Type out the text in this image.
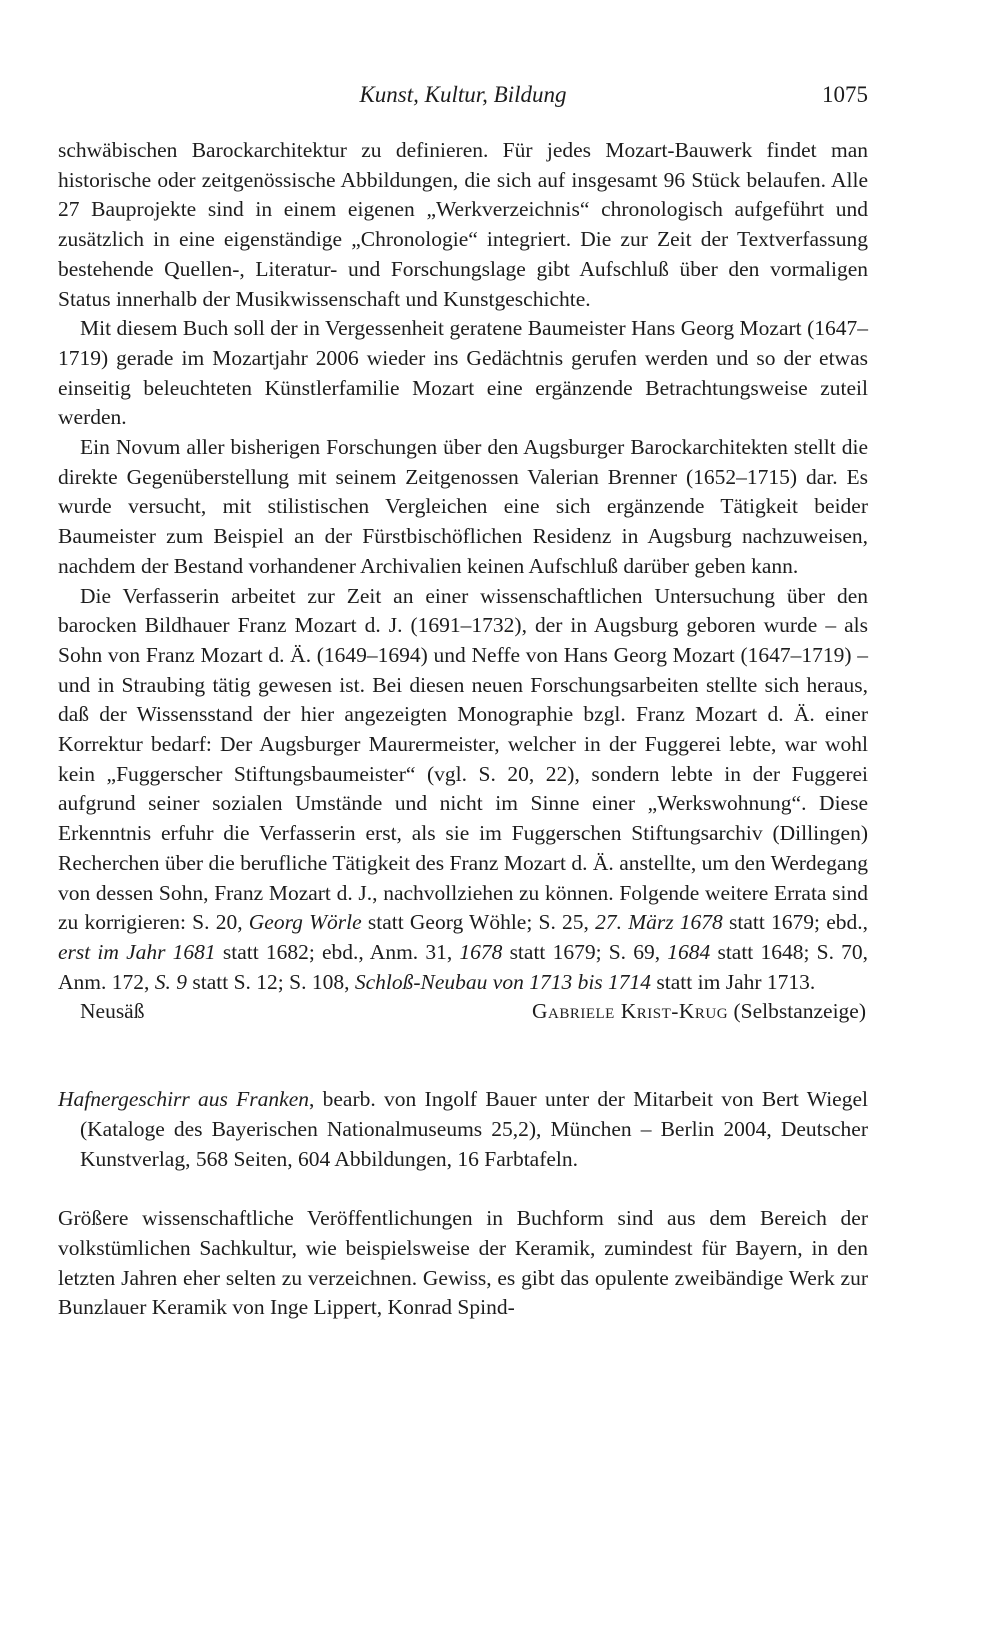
Kunst, Kultur, Bildung	1075

schwäbischen Barockarchitektur zu definieren. Für jedes Mozart-Bauwerk findet man historische oder zeitgenössische Abbildungen, die sich auf insgesamt 96 Stück belaufen. Alle 27 Bauprojekte sind in einem eigenen „Werkverzeichnis“ chronologisch aufgeführt und zusätzlich in eine eigenständige „Chronologie“ integriert. Die zur Zeit der Textverfassung bestehende Quellen-, Literatur- und Forschungslage gibt Aufschluß über den vormaligen Status innerhalb der Musikwissenschaft und Kunstgeschichte.

Mit diesem Buch soll der in Vergessenheit geratene Baumeister Hans Georg Mozart (1647–1719) gerade im Mozartjahr 2006 wieder ins Gedächtnis gerufen werden und so der etwas einseitig beleuchteten Künstlerfamilie Mozart eine ergänzende Betrachtungsweise zuteil werden.

Ein Novum aller bisherigen Forschungen über den Augsburger Barockarchitekten stellt die direkte Gegenüberstellung mit seinem Zeitgenossen Valerian Brenner (1652–1715) dar. Es wurde versucht, mit stilistischen Vergleichen eine sich ergänzende Tätigkeit beider Baumeister zum Beispiel an der Fürstbischöflichen Residenz in Augsburg nachzuweisen, nachdem der Bestand vorhandener Archivalien keinen Aufschluß darüber geben kann.

Die Verfasserin arbeitet zur Zeit an einer wissenschaftlichen Untersuchung über den barocken Bildhauer Franz Mozart d. J. (1691–1732), der in Augsburg geboren wurde – als Sohn von Franz Mozart d. Ä. (1649–1694) und Neffe von Hans Georg Mozart (1647–1719) – und in Straubing tätig gewesen ist. Bei diesen neuen Forschungsarbeiten stellte sich heraus, daß der Wissensstand der hier angezeigten Monographie bzgl. Franz Mozart d. Ä. einer Korrektur bedarf: Der Augsburger Maurermeister, welcher in der Fuggerei lebte, war wohl kein „Fuggerscher Stiftungsbaumeister“ (vgl. S. 20, 22), sondern lebte in der Fuggerei aufgrund seiner sozialen Umstände und nicht im Sinne einer „Werkswohnung“. Diese Erkenntnis erfuhr die Verfasserin erst, als sie im Fuggerschen Stiftungsarchiv (Dillingen) Recherchen über die berufliche Tätigkeit des Franz Mozart d. Ä. anstellte, um den Werdegang von dessen Sohn, Franz Mozart d. J., nachvollziehen zu können. Folgende weitere Errata sind zu korrigieren: S. 20, Georg Wörle statt Georg Wöhle; S. 25, 27. März 1678 statt 1679; ebd., erst im Jahr 1681 statt 1682; ebd., Anm. 31, 1678 statt 1679; S. 69, 1684 statt 1648; S. 70, Anm. 172, S. 9 statt S. 12; S. 108, Schloß-Neubau von 1713 bis 1714 statt im Jahr 1713.

Neusäß	Gabriele Krist-Krug (Selbstanzeige)
Hafnergeschirr aus Franken, bearb. von Ingolf Bauer unter der Mitarbeit von Bert Wiegel (Kataloge des Bayerischen Nationalmuseums 25,2), München – Berlin 2004, Deutscher Kunstverlag, 568 Seiten, 604 Abbildungen, 16 Farbtafeln.
Größere wissenschaftliche Veröffentlichungen in Buchform sind aus dem Bereich der volkstümlichen Sachkultur, wie beispielsweise der Keramik, zumindest für Bayern, in den letzten Jahren eher selten zu verzeichnen. Gewiss, es gibt das opulente zweibändige Werk zur Bunzlauer Keramik von Inge Lippert, Konrad Spind-
